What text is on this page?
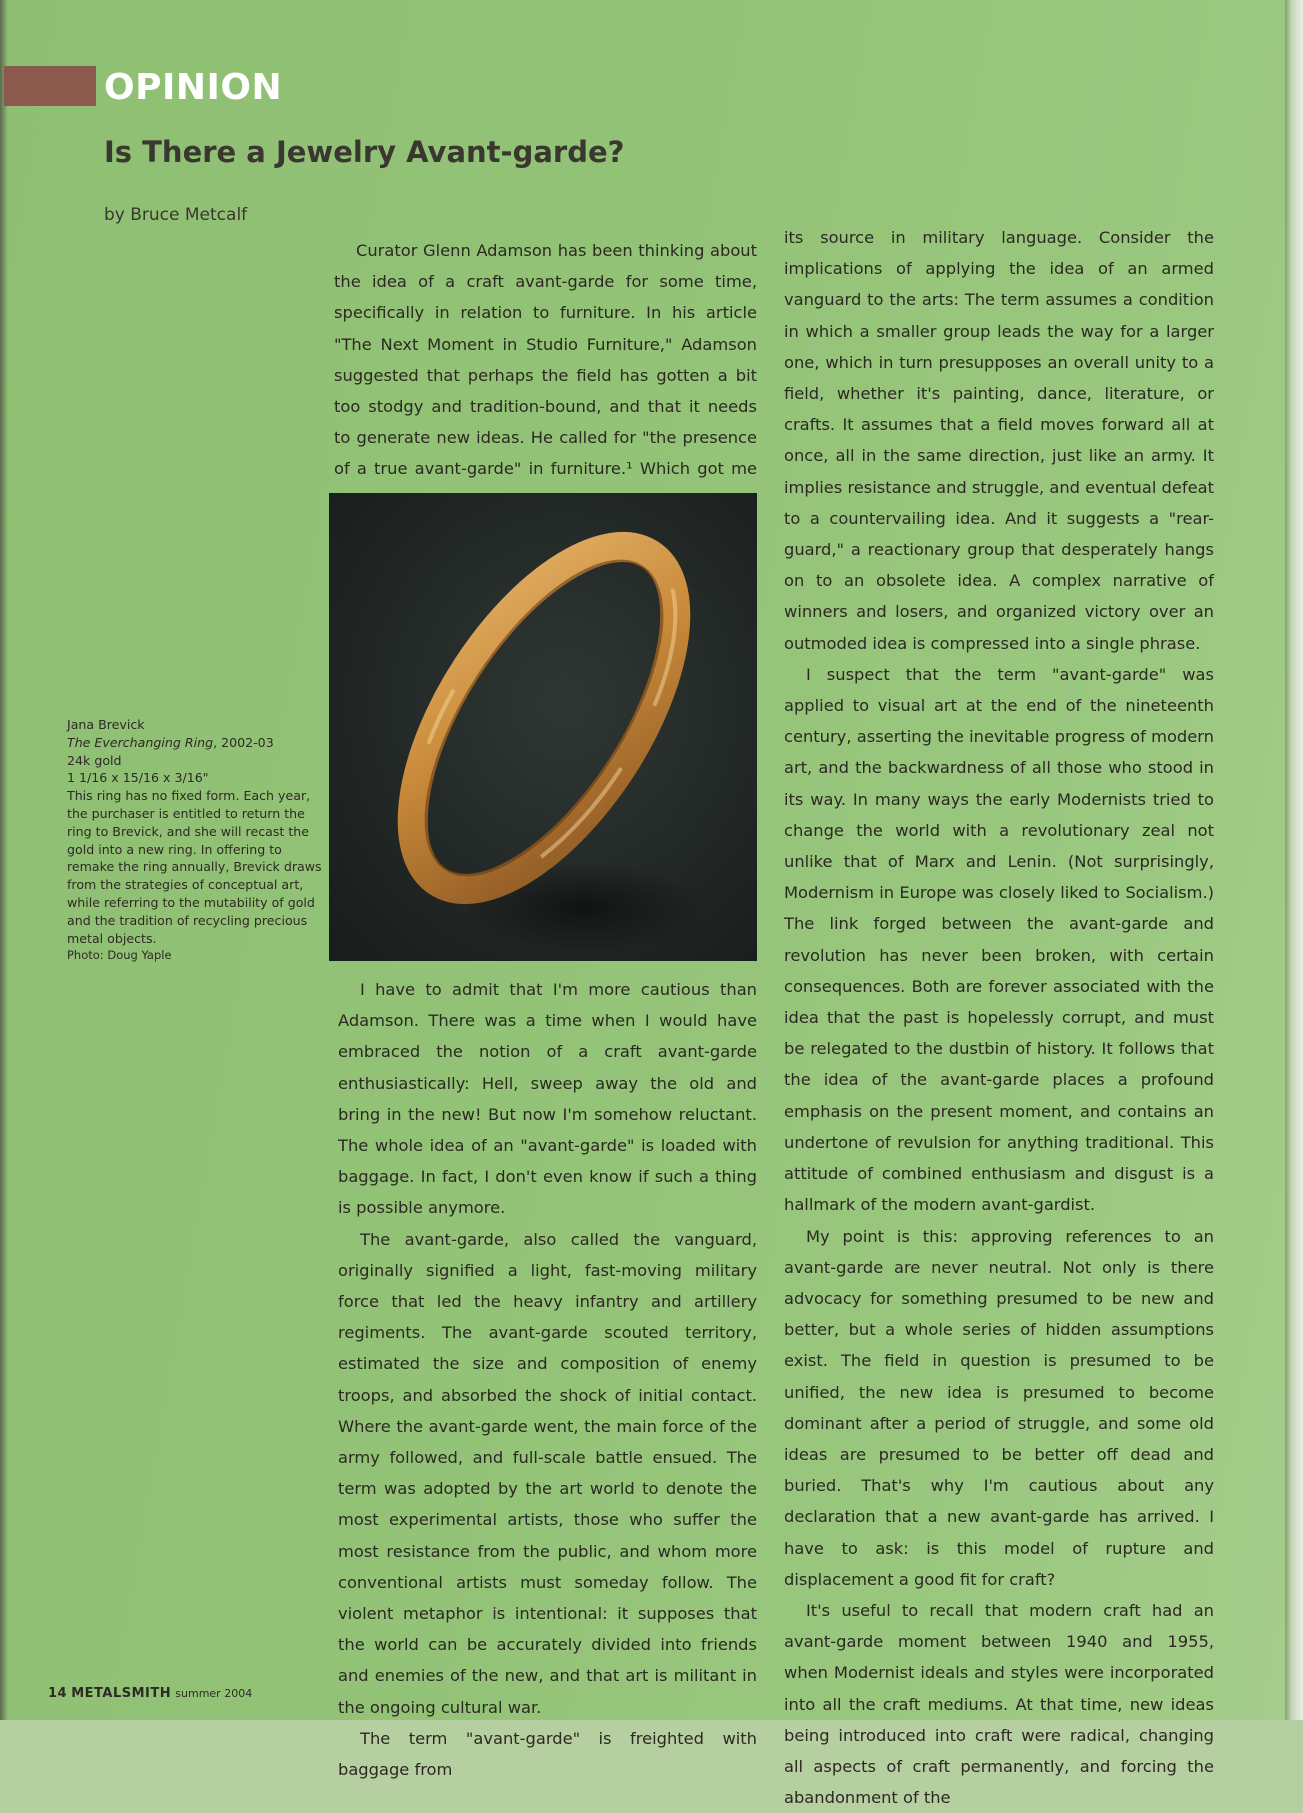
OPINION
Is There a Jewelry Avant-garde?
by Bruce Metcalf

Curator Glenn Adamson has been thinking about the idea of a craft avant-garde for some time, specifically in relation to furniture. In his article "The Next Moment in Studio Furniture," Adamson suggested that perhaps the field has gotten a bit too stodgy and tradition-bound, and that it needs to generate new ideas. He called for "the presence of a true avant-garde" in furniture.¹ Which got me

Jana Brevick
The Everchanging Ring, 2002-03
24k gold
1 1/16 x 15/16 x 3/16"
This ring has no fixed form. Each year, the purchaser is entitled to return the ring to Brevick, and she will recast the gold into a new ring. In offering to remake the ring annually, Brevick draws from the strategies of conceptual art, while referring to the mutability of gold and the tradition of recycling precious metal objects.
Photo: Doug Yaple

I have to admit that I'm more cautious than Adamson. There was a time when I would have embraced the notion of a craft avant-garde enthusiastically: Hell, sweep away the old and bring in the new! But now I'm somehow reluctant. The whole idea of an "avant-garde" is loaded with baggage. In fact, I don't even know if such a thing is possible anymore.

The avant-garde, also called the vanguard, originally signified a light, fast-moving military force that led the heavy infantry and artillery regiments. The avant-garde scouted territory, estimated the size and composition of enemy troops, and absorbed the shock of initial contact. Where the avant-garde went, the main force of the army followed, and full-scale battle ensued. The term was adopted by the art world to denote the most experimental artists, those who suffer the most resistance from the public, and whom more conventional artists must someday follow. The violent metaphor is intentional: it supposes that the world can be accurately divided into friends and enemies of the new, and that art is militant in the ongoing cultural war.

The term "avant-garde" is freighted with baggage from

its source in military language. Consider the implications of applying the idea of an armed vanguard to the arts: The term assumes a condition in which a smaller group leads the way for a larger one, which in turn presupposes an overall unity to a field, whether it's painting, dance, literature, or crafts. It assumes that a field moves forward all at once, all in the same direction, just like an army. It implies resistance and struggle, and eventual defeat to a countervailing idea. And it suggests a "rear-guard," a reactionary group that desperately hangs on to an obsolete idea. A complex narrative of winners and losers, and organized victory over an outmoded idea is compressed into a single phrase.

I suspect that the term "avant-garde" was applied to visual art at the end of the nineteenth century, asserting the inevitable progress of modern art, and the backwardness of all those who stood in its way. In many ways the early Modernists tried to change the world with a revolutionary zeal not unlike that of Marx and Lenin. (Not surprisingly, Modernism in Europe was closely liked to Socialism.) The link forged between the avant-garde and revolution has never been broken, with certain consequences. Both are forever associated with the idea that the past is hopelessly corrupt, and must be relegated to the dustbin of history. It follows that the idea of the avant-garde places a profound emphasis on the present moment, and contains an undertone of revulsion for anything traditional. This attitude of combined enthusiasm and disgust is a hallmark of the modern avant-gardist.

My point is this: approving references to an avant-garde are never neutral. Not only is there advocacy for something presumed to be new and better, but a whole series of hidden assumptions exist. The field in question is presumed to be unified, the new idea is presumed to become dominant after a period of struggle, and some old ideas are presumed to be better off dead and buried. That's why I'm cautious about any declaration that a new avant-garde has arrived. I have to ask: is this model of rupture and displacement a good fit for craft?

It's useful to recall that modern craft had an avant-garde moment between 1940 and 1955, when Modernist ideals and styles were incorporated into all the craft mediums. At that time, new ideas being introduced into craft were radical, changing all aspects of craft permanently, and forcing the abandonment of the

14 METALSMITH summer 2004
